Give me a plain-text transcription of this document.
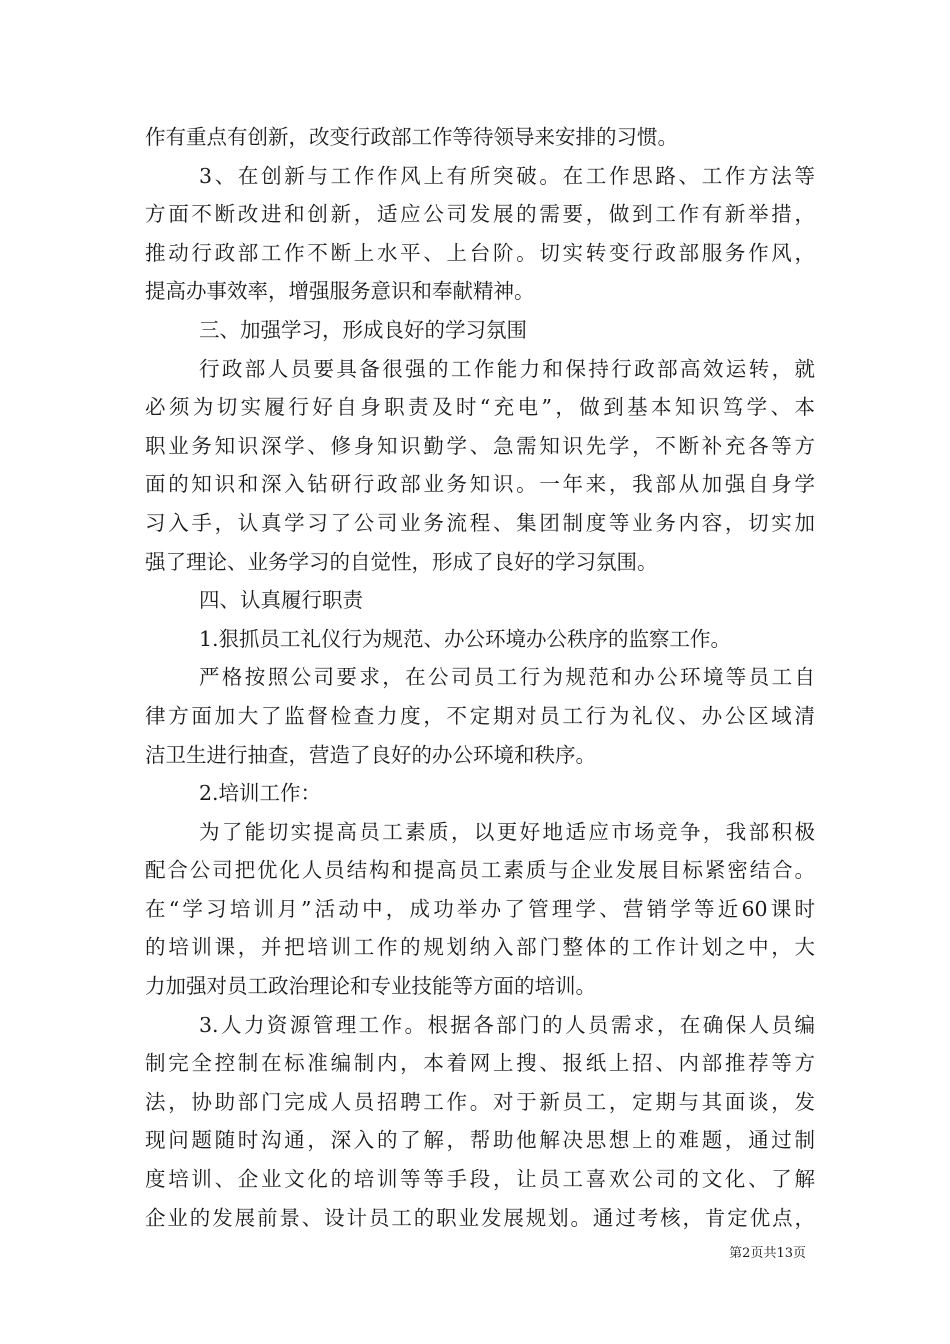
作有重点有创新，改变行政部工作等待领导来安排的习惯。
3、在创新与工作作风上有所突破。在工作思路、工作方法等
方面不断改进和创新，适应公司发展的需要，做到工作有新举措，
推动行政部工作不断上水平、上台阶。切实转变行政部服务作风，
提高办事效率，增强服务意识和奉献精神。
三、加强学习，形成良好的学习氛围
行政部人员要具备很强的工作能力和保持行政部高效运转，就
必须为切实履行好自身职责及时“充电”，做到基本知识笃学、本
职业务知识深学、修身知识勤学、急需知识先学，不断补充各等方
面的知识和深入钻研行政部业务知识。一年来，我部从加强自身学
习入手，认真学习了公司业务流程、集团制度等业务内容，切实加
强了理论、业务学习的自觉性，形成了良好的学习氛围。
四、认真履行职责
1.狠抓员工礼仪行为规范、办公环境办公秩序的监察工作。
严格按照公司要求，在公司员工行为规范和办公环境等员工自
律方面加大了监督检查力度，不定期对员工行为礼仪、办公区域清
洁卫生进行抽查，营造了良好的办公环境和秩序。
2.培训工作：
为了能切实提高员工素质，以更好地适应市场竞争，我部积极
配合公司把优化人员结构和提高员工素质与企业发展目标紧密结合。
在“学习培训月”活动中，成功举办了管理学、营销学等近60课时
的培训课，并把培训工作的规划纳入部门整体的工作计划之中，大
力加强对员工政治理论和专业技能等方面的培训。
3.人力资源管理工作。根据各部门的人员需求，在确保人员编
制完全控制在标准编制内，本着网上搜、报纸上招、内部推荐等方
法，协助部门完成人员招聘工作。对于新员工，定期与其面谈，发
现问题随时沟通，深入的了解，帮助他解决思想上的难题，通过制
度培训、企业文化的培训等等手段，让员工喜欢公司的文化、了解
企业的发展前景、设计员工的职业发展规划。通过考核，肯定优点，
第2页共13页
